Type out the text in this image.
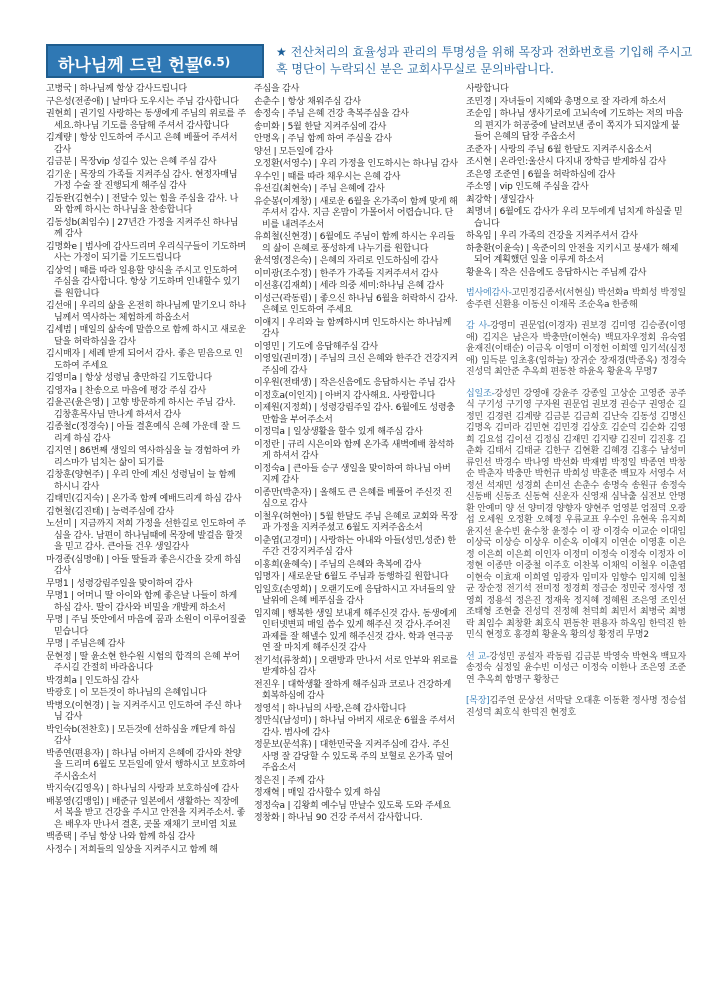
하나님께 드린 헌물
(6.5)
★ 전산처리의 효율성과 관리의 투명성을 위해 목장과 전화번호를 기입해 주시고 혹 명단이 누락되신 분은 교회사무실로 문의바랍니다.
고병국 | 하나님께 항상 감사드립니다
구은성(전종애) | 날마다 도우시는 주님 감사합니다
권현희 | 권기일 사랑하는 동생에게 주님의 위로를 주세요.하나님 기도를 응답해 주셔서 감사합니다
김계량 | 항상 인도하여 주시고 은혜 베풀어 주셔서 감사
김금분 | 목장vip 성길수 있는 은혜 주심 감사
김기운 | 목장의 가족들 지켜주심 감사. 현정자매님 가정 수술 잘 진행되게 해주심 감사
김동완(김현수) | 전달수 있는 힘을 주심을 감사. 나와 함께 하시는 하나님을 찬송합니다
김동성b(최임수) | 27년간 가정을 지켜주신 하나님께 감사
김명화e | 범사에 감사드리며 우리식구들이 기도하며 사는 가정이 되기를 기도드립니다
김상억 | 때를 따라 일용할 양식을 주시고 인도하여 주심을 감사합니다. 항상 기도하며 인내할수 있기를 원합니다
김선애 | 우리의 삶을 온전히 하나님께 맡기오니 하나님께서 역사하는 체험하게 하옵소서
김세범 | 매일의 삶속에 말씀으로 함께 하시고 새로운 달을 허락하심을 감사
김시매자 | 세례 받게 되어서 감사. 좋은 믿음으로 인도하여 주세요
김영미a | 항상 성령님 충만하길 기도합니다
김영자a | 찬송으로 마음에 평강 주심 감사
김윤곤(윤은영) | 고향 방문하게 하시는 주님 감사. 김창훈목사님 만나게 하셔서 감사
김종철c(정경숙) | 아들 결혼예식 은혜 가운데 잘 드리게 하심 감사
김지연 | 86번째 생일의 역사하심을 늘 경험하여 카리스마가 넘치는 삶이 되기를
김창훈(양현주) | 우리 안에 계신 성령님이 늘 함께 하시니 감사
김태민(김지숙) | 온가족 함께 예배드리게 하심 감사
김현철(김진태) | 능력주심에 감사
노선미 | 지금까지 저희 가정을 선한길로 인도하여 주심을 감사. 남편이 하나님때에 목장에 발걸음 할것을 믿고 감사. 큰아들 건우 생일감사
마경종(심명애) | 아들 딸들과 좋은시간을 갖게 하심 감사
무명1 | 성령강림주일을 맞이하여 감사
무명1 | 어머니 딸 아이와 함께 좋은날 나들이 하게 하심 감사. 딸이 감사와 비밀을 개발케 하소서
무명 | 주님 뜻안에서 마음에 꿈과 소원이 이루어질줄 믿습니다
무명 | 주님은혜 감사
문현정 | 딸 윤소현 한수원 시험의 합격의 은혜 부어주시길 간절히 바라옵니다
박경희a | 인도하심 감사
박광호 | 이 모든것이 하나님의 은혜입니다
박병오(이현경) | 늘 지켜주시고 인도하여 주신 하나님 감사
박인숙b(전찬호) | 모든것에 선하심을 깨닫게 하심 감사
박종연(편용자) | 하나님 아버지 은혜에 감사와 찬양을 드리며 6월도 모든일에 앞서 행하시고 보호하여 주시옵소서
박지숙(김영옥) | 하나님의 사랑과 보호하심에 감사
배봉영(김맹임) | 배준규 일본에서 생활하는 직장에서 복을 받고 건강을 주시고 안전을 지켜주소서. 좋은 배우자 만나서 결혼, 곳몰 재채기 코비염 치료
백종택 | 주님 항상 나와 함께 하심 감사
사정수 | 저희들의 일상을 지켜주시고 함께 해
주심을 감사
손춘수 | 항상 채워주심 감사
송정숙 | 주님 은혜 건강 축복주심을 감사
송미화 | 5월 한달 지켜주심에 감사
안명옥 | 주님 함께 하여 주심을 감사
양선 | 모든일에 감사
오정환(서영수) | 우리 가정을 인도하시는 하나님 감사
우수인 | 때를 따라 채우시는 은혜 감사
유선길(최현숙) | 주님 은혜에 감사
유순봉(이계창) | 새로운 6월을 온가족이 함께 맞게 해주셔서 감사. 지금 온맘이 가몰어서 어렵습니다. 단비를 내려주소서
유희철(신현경) | 6월에도 주님이 함께 하시는 우리들의 삶이 은혜로 풍성하게 나누기를 원합니다
윤석영(정은숙) | 은혜의 자리로 인도하심에 감사
이미광(조수정) | 한주가 가족들 지켜주셔서 감사
이선홍(김재희) | 세라 의중 세미:하나님 은혜 감사
이성근(곽동림) | 좋으신 하나님 6월을 허락하시 감사. 은혜로 인도하여 주세요
이애지 | 우리와 늘 함께하시며 인도하시는 하나님께 감사
이영민 | 기도에 응답해주심 감사
이영일(권미경) | 주님의 크신 은혜와 한주간 건강지켜주심에 감사
이우원(전태생) | 작은신음에도 응답하시는 주님 감사
이정호a(이인지) | 아버지 감사해요. 사랑합니다
이제원(지정희) | 성령강림주일 감사. 6월에도 성령충만함을 부어주소서
이정덕a | 일상생활을 할수 있게 해주심 감사
이정란 | 규리 시은이와 함께 온가족 새벽예배 참석하게 하셔서 감사
이정숙a | 큰아들 승구 생일을 맞이하여 하나님 아버지께 감사
이종만(박춘자) | 올해도 큰 은혜를 베풀어 주신것 진심으로 감사
이철우(허현아) | 5월 한달도 주님 은혜로 교회와 목장과 가정을 지켜주셨고 6월도 지켜주옵소서
이춘엽(고경미) | 사랑하는 아내와 아들(성민,성준) 한주간 건강지켜주심 감사
이홍희(윤혜숙) | 주님의 은혜와 축복에 감사
임명자 | 새로운달 6월도 주님과 동행하길 원합니다
임일호(손영희) | 오랜기도에 응답하시고 자녀들의 앞날위에 은혜 베푸심을 감사
임지혜 | 행복한 생일 보내게 해주신것 감사. 동생에게 인터넷변피 매일 씀수 있게 해주신 것 감사.주어진 과제를 잘 해낼수 있게 해주신것 감사. 학과 연극공연 잘 마치게 해주신것 감사
전기석(류창희) | 오랜방과 만나서 서로 안부와 위로를 받게하심 감사
전진우 | 대학생활 잘하게 해주심과 코로나 건강하게 회복하심에 감사
정영석 | 하나님의 사랑,은혜 감사합니다
정만식(남성미) | 하나님 아버지 새로운 6월을 주셔서 감사. 범사에 감사
정문보(문석휴) | 대한민국을 지켜주심에 감사. 주신 사명 잘 감당할 수 있도록 주의 보혈로 온가족 덮어주옵소서
정은진 | 주께 감사
정재혁 | 매일 감사할수 있게 하심
정정숙a | 김왕희 예수님 만날수 있도록 도와 주세요
정창화 | 하나님 90 건강 주셔서 감사합니다.
사랑합니다
조민경 | 자녀들이 지혜와 총명으로 잘 자라게 하소서
조순임 | 하나님 생사기로에 고뇌속에 기도하는 저의 마음의 편지가 허공중에 날려보낸 종이 쪽지가 되지않게 붙들어 은혜의 답장 주옵소서
조준자 | 사랑의 주님 6월 한달도 지켜주시옵소서
조시현 | 온라인:울산시 다지내 장학금 받게하심 감사
조은영 조준연 | 6월을 허락하심에 감사
주소영 | vip 인도해 주심을 감사
최강학 | 생일감사
최명녀 | 6월에도 감사가 우리 모두에게 넘치게 하실줄 믿습니다
하옥임 | 우리 가족의 건강을 지켜주셔서 감사
하충환(이윤숙) | 욱준이의 안전을 지키시고 붕새가 해제되어 계획했던 일을 이루게 하소서
황윤옥 | 작은 신음에도 응답하시는 주님께 감사
범사에감사-고민정김종서(서현실) 박선화a 박희성 박정일 송주련 신환용 이동신 이재목 조순옥a 한종해
감 사-강영미 권문업(이경자) 권보경 김미영 김승종(이영애) 김지은 남은자 박충만(이현숙) 백묘자우정회 유숙엽 윤재진(이태순) 이금옥 이영미 이정헌 이희엘 임기석(심정애) 임득분 임초홍(임하늘) 장귀순 장재경(박종옥) 정경숙 진성덕 최안준 추옥희 편동찬 하윤옥 황윤옥 무명7
십일조-강성민 강영애 강윤주 강종일 고상순 고영준 공주식 구기성 구기영 구자원 권문업 권보경 권승구 권영순 길정민 김경련 김계량 김금분 김금희 김난숙 김동성 김명신 김명옥 김미라 김민현 김민경 김상호 김순덕 김순화 김영희 김요섭 김이선 김정심 김재민 김지량 김진미 김진홍 김춘화 김태서 김태균 김한구 김현환 김혜경 김홍수 남성미 류인선 박경수 박나영 박선화 박재범 박정일 박종연 박창순 박춘자 박충만 박헌규 박희성 박훈준 백묘자 서영수 서정선 석재민 성경희 손미선 손춘수 송명숙 송원규 송정숙 신동배 신동조 신동혁 신운자 신영재 심낙출 심전보 안명환 안예미 양 선 양미경 양향자 양현주 엄영분 엄점덕 오광섭 오세원 오정환 오혜정 우류교표 우수인 유현욱 유지희 윤지선 윤수빈 윤수창 윤정수 이 광 이경숙 이교순 이대임 이상국 이상승 이상우 이순옥 이애지 이연순 이영훈 이은정 이은희 이은희 이인자 이정미 이정숙 이정숙 이정자 이정현 이종만 이중철 이주호 이찬복 이채익 이철우 이춘엽 이현숙 이효재 이희열 임광자 임미자 임향수 임지혜 임철균 장순정 전기석 전미정 정경희 정금순 정민국 정사영 정영희 정용석 정은진 정재욱 정지혜 정혜원 조은영 조인선 조태형 조현출 진성덕 진정혜 천덕희 최민서 최병국 최병락 최임수 최창환 최호식 편동찬 편용자 하옥임 한덕진 한민식 현정호 홍경희 황윤옥 황의성 황정리 무명2
선 교-강성민 공설자 곽동림 김금분 박영숙 박현옥 백묘자 송정숙 심정일 윤수빈 이성근 이정숙 이한나 조은영 조준연 추옥희 함명구 황창근
[목장]김주연 문상선 서막달 오대훈 이동환 정사명 정승섭 진성덕 최호식 한덕진 현정호
